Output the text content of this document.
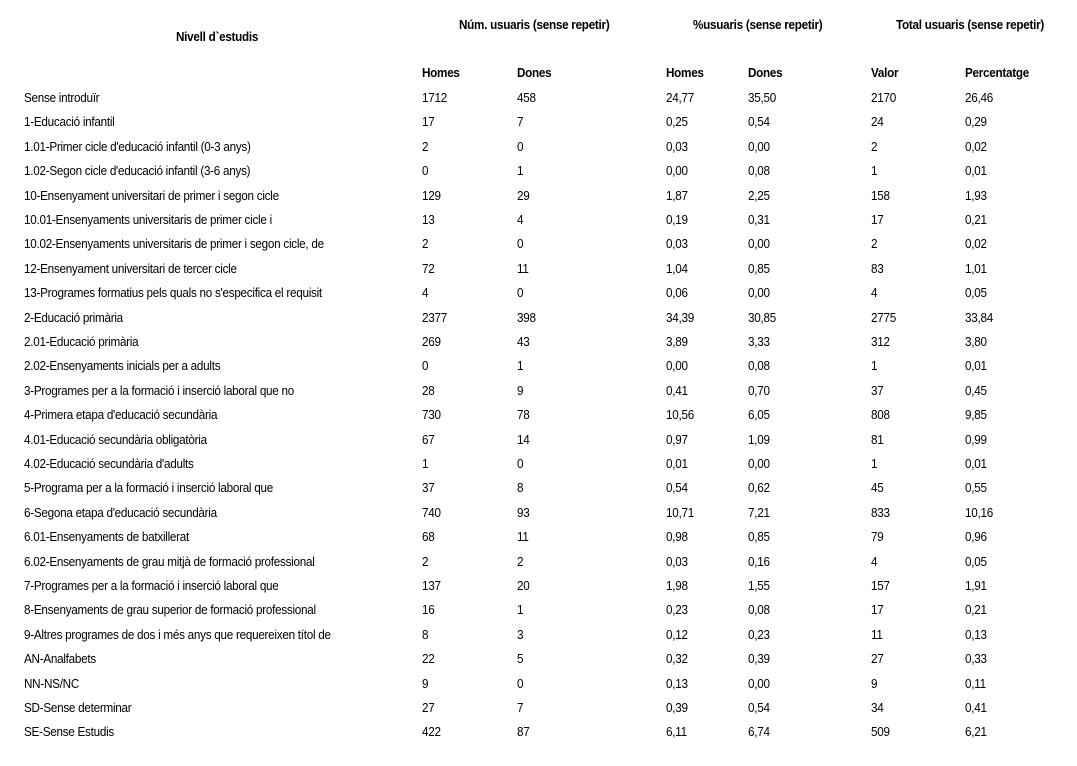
Nivell d`estudis
Núm. usuaris (sense repetir)	%usuaris (sense repetir)	Total usuaris (sense repetir)
Homes	Dones	Homes	Dones	Valor	Percentatge
Sense introduïr	1712	458	24,77	35,50	2170	26,46
1-Educació infantil	17	7	0,25	0,54	24	0,29
1.01-Primer cicle d'educació infantil (0-3 anys)	2	0	0,03	0,00	2	0,02
1.02-Segon cicle d'educació infantil (3-6 anys)	0	1	0,00	0,08	1	0,01
10-Ensenyament universitari de primer i segon cicle	129	29	1,87	2,25	158	1,93
10.01-Ensenyaments universitaris de primer cicle i	13	4	0,19	0,31	17	0,21
10.02-Ensenyaments universitaris de primer i segon cicle, de	2	0	0,03	0,00	2	0,02
12-Ensenyament universitari de tercer cicle	72	11	1,04	0,85	83	1,01
13-Programes formatius pels quals no s'especifica el requisit	4	0	0,06	0,00	4	0,05
2-Educació primària	2377	398	34,39	30,85	2775	33,84
2.01-Educació primària	269	43	3,89	3,33	312	3,80
2.02-Ensenyaments inicials per a adults	0	1	0,00	0,08	1	0,01
3-Programes per a la formació i inserció laboral que no	28	9	0,41	0,70	37	0,45
4-Primera etapa d'educació secundària	730	78	10,56	6,05	808	9,85
4.01-Educació secundària obligatòria	67	14	0,97	1,09	81	0,99
4.02-Educació secundària d'adults	1	0	0,01	0,00	1	0,01
5-Programa per a la formació i inserció laboral que	37	8	0,54	0,62	45	0,55
6-Segona etapa d'educació secundària	740	93	10,71	7,21	833	10,16
6.01-Ensenyaments de batxillerat	68	11	0,98	0,85	79	0,96
6.02-Ensenyaments de grau mitjà de formació professional	2	2	0,03	0,16	4	0,05
7-Programes per a la formació i inserció laboral que	137	20	1,98	1,55	157	1,91
8-Ensenyaments de grau superior de formació professional	16	1	0,23	0,08	17	0,21
9-Altres programes de dos i més anys que requereixen títol de	8	3	0,12	0,23	11	0,13
AN-Analfabets	22	5	0,32	0,39	27	0,33
NN-NS/NC	9	0	0,13	0,00	9	0,11
SD-Sense determinar	27	7	0,39	0,54	34	0,41
SE-Sense Estudis	422	87	6,11	6,74	509	6,21
